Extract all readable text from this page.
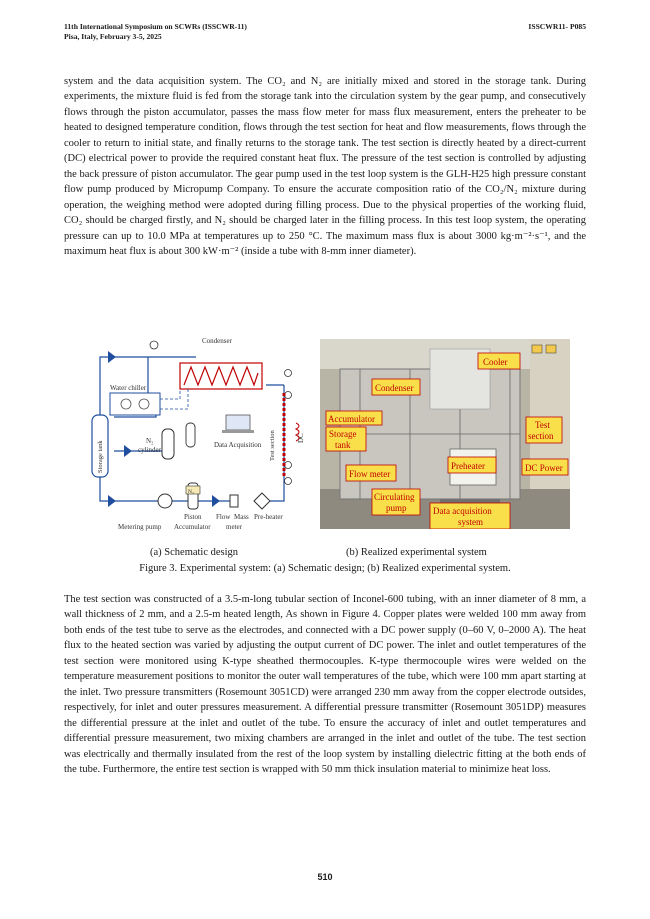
11th International Symposium on SCWRs (ISSCWR-11)
Pisa, Italy, February 3-5, 2025
ISSCWR11- P085
system and the data acquisition system. The CO₂ and N₂ are initially mixed and stored in the storage tank. During experiments, the mixture fluid is fed from the storage tank into the circulation system by the gear pump, and consecutively flows through the piston accumulator, passes the mass flow meter for mass flux measurement, enters the preheater to be heated to designed temperature condition, flows through the test section for heat and flow measurements, flows through the cooler to return to initial state, and finally returns to the storage tank. The test section is directly heated by a direct-current (DC) electrical power to provide the required constant heat flux. The pressure of the test section is controlled by adjusting the back pressure of piston accumulator. The gear pump used in the test loop system is the GLH-H25 high pressure constant flow pump produced by Micropump Company. To ensure the accurate composition ratio of the CO₂/N₂ mixture during operation, the weighing method were adopted during filling process. Due to the physical properties of the working fluid, CO₂ should be charged firstly, and N₂ should be charged later in the filling process. In this test loop system, the operating pressure can up to 10.0 MPa at temperatures up to 250 °C. The maximum mass flux is about 3000 kg·m⁻²·s⁻¹, and the maximum heat flux is about 300 kW·m⁻² (inside a tube with 8-mm inner diameter).
Storage tank
Condenser
Water chiller
N₂
cylinder
Data Acquisition Test section	DC
N₂
Piston
Accumulator
Flow Mass
meter
Pre-heater
Metering pump
Cooler
Condenser
Accumulator
Storage
tank
Test
section
Preheater	DC Power
Flow meter
Circulating
pump	Data acquisition
system
(a) Schematic design	(b) Realized experimental system
Figure 3. Experimental system: (a) Schematic design; (b) Realized experimental system.
The test section was constructed of a 3.5-m-long tubular section of Inconel-600 tubing, with an inner diameter of 8 mm, a wall thickness of 2 mm, and a 2.5-m heated length, As shown in Figure 4. Copper plates were welded 100 mm away from both ends of the test tube to serve as the electrodes, and connected with a DC power supply (0–60 V, 0–2000 A). The heat flux to the heated section was varied by adjusting the output current of DC power. The inlet and outlet temperatures of the test section were monitored using K-type sheathed thermocouples. K-type thermocouple wires were welded on the temperature measurement positions to monitor the outer wall temperatures of the tube, which were 100 mm apart starting at the inlet. Two pressure transmitters (Rosemount 3051CD) were arranged 230 mm away from the copper electrode outsides, respectively, for inlet and outer pressures measurement. A differential pressure transmitter (Rosemount 3051DP) measures the differential pressure at the inlet and outlet of the tube. To ensure the accuracy of inlet and outlet temperatures and differential pressure measurement, two mixing chambers are arranged in the inlet and outlet of the tube. The test section was electrically and thermally insulated from the rest of the loop system by installing dielectric fitting at the both ends of the tube. Furthermore, the entire test section is wrapped with 50 mm thick insulation material to minimize heat loss.
510
